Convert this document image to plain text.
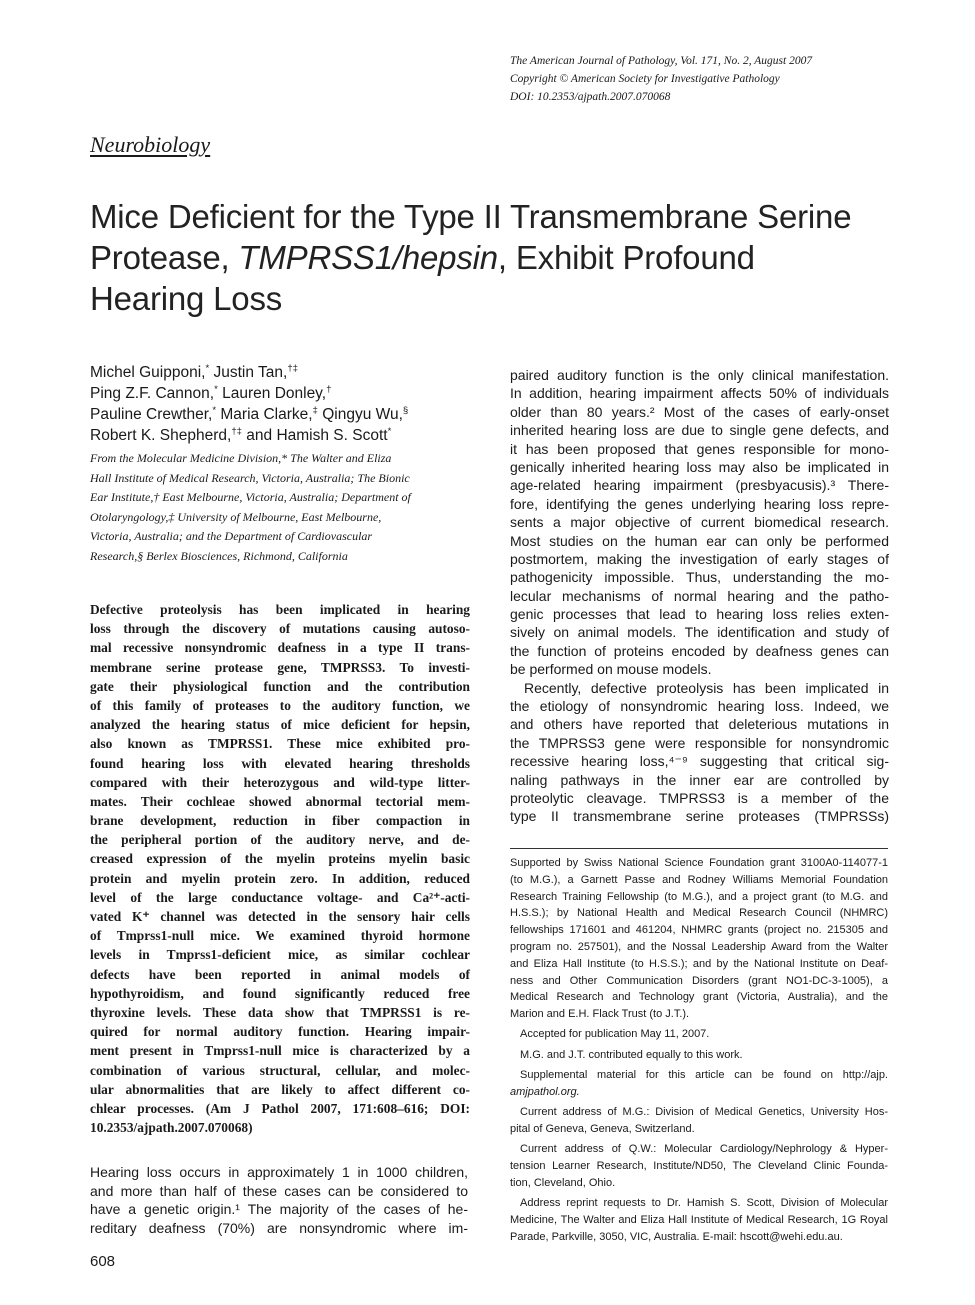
The American Journal of Pathology, Vol. 171, No. 2, August 2007
Copyright © American Society for Investigative Pathology
DOI: 10.2353/ajpath.2007.070068
Neurobiology
Mice Deficient for the Type II Transmembrane Serine
Protease, TMPRSS1/hepsin, Exhibit Profound
Hearing Loss
Michel Guipponi,* Justin Tan,†‡
Ping Z.F. Cannon,* Lauren Donley,†
Pauline Crewther,* Maria Clarke,‡ Qingyu Wu,§
Robert K. Shepherd,†‡ and Hamish S. Scott*
From the Molecular Medicine Division,* The Walter and Eliza
Hall Institute of Medical Research, Victoria, Australia; The Bionic
Ear Institute,† East Melbourne, Victoria, Australia; Department of
Otolaryngology,‡ University of Melbourne, East Melbourne,
Victoria, Australia; and the Department of Cardiovascular
Research,§ Berlex Biosciences, Richmond, California
Defective proteolysis has been implicated in hearing
loss through the discovery of mutations causing autoso-
mal recessive nonsyndromic deafness in a type II trans-
membrane serine protease gene, TMPRSS3. To investi-
gate their physiological function and the contribution
of this family of proteases to the auditory function, we
analyzed the hearing status of mice deficient for hepsin,
also known as TMPRSS1. These mice exhibited pro-
found hearing loss with elevated hearing thresholds
compared with their heterozygous and wild-type litter-
mates. Their cochleae showed abnormal tectorial mem-
brane development, reduction in fiber compaction in
the peripheral portion of the auditory nerve, and de-
creased expression of the myelin proteins myelin basic
protein and myelin protein zero. In addition, reduced
level of the large conductance voltage- and Ca²⁺-acti-
vated K⁺ channel was detected in the sensory hair cells
of Tmprss1-null mice. We examined thyroid hormone
levels in Tmprss1-deficient mice, as similar cochlear
defects have been reported in animal models of
hypothyroidism, and found significantly reduced free
thyroxine levels. These data show that TMPRSS1 is re-
quired for normal auditory function. Hearing impair-
ment present in Tmprss1-null mice is characterized by a
combination of various structural, cellular, and molec-
ular abnormalities that are likely to affect different co-
chlear processes. (Am J Pathol 2007, 171:608–616; DOI:
10.2353/ajpath.2007.070068)
Hearing loss occurs in approximately 1 in 1000 children,
and more than half of these cases can be considered to
have a genetic origin.¹ The majority of the cases of he-
reditary deafness (70%) are nonsyndromic where im-
paired auditory function is the only clinical manifestation.
In addition, hearing impairment affects 50% of individuals
older than 80 years.² Most of the cases of early-onset
inherited hearing loss are due to single gene defects, and
it has been proposed that genes responsible for mono-
genically inherited hearing loss may also be implicated in
age-related hearing impairment (presbyacusis).³ There-
fore, identifying the genes underlying hearing loss repre-
sents a major objective of current biomedical research.
Most studies on the human ear can only be performed
postmortem, making the investigation of early stages of
pathogenicity impossible. Thus, understanding the mo-
lecular mechanisms of normal hearing and the patho-
genic processes that lead to hearing loss relies exten-
sively on animal models. The identification and study of
the function of proteins encoded by deafness genes can
be performed on mouse models.
Recently, defective proteolysis has been implicated in
the etiology of nonsyndromic hearing loss. Indeed, we
and others have reported that deleterious mutations in
the TMPRSS3 gene were responsible for nonsyndromic
recessive hearing loss,⁴⁻⁹ suggesting that critical sig-
naling pathways in the inner ear are controlled by
proteolytic cleavage. TMPRSS3 is a member of the
type II transmembrane serine proteases (TMPRSSs)
Supported by Swiss National Science Foundation grant 3100A0-114077-1
(to M.G.), a Garnett Passe and Rodney Williams Memorial Foundation
Research Training Fellowship (to M.G.), and a project grant (to M.G. and
H.S.S.); by National Health and Medical Research Council (NHMRC)
fellowships 171601 and 461204, NHMRC grants (project no. 215305 and
program no. 257501), and the Nossal Leadership Award from the Walter
and Eliza Hall Institute (to H.S.S.); and by the National Institute on Deaf-
ness and Other Communication Disorders (grant NO1-DC-3-1005), a
Medical Research and Technology grant (Victoria, Australia), and the
Marion and E.H. Flack Trust (to J.T.).
Accepted for publication May 11, 2007.
M.G. and J.T. contributed equally to this work.
Supplemental material for this article can be found on http://ajp.
amjpathol.org.
Current address of M.G.: Division of Medical Genetics, University Hos-
pital of Geneva, Geneva, Switzerland.
Current address of Q.W.: Molecular Cardiology/Nephrology & Hyper-
tension Learner Research, Institute/ND50, The Cleveland Clinic Founda-
tion, Cleveland, Ohio.
Address reprint requests to Dr. Hamish S. Scott, Division of Molecular
Medicine, The Walter and Eliza Hall Institute of Medical Research, 1G Royal
Parade, Parkville, 3050, VIC, Australia. E-mail: hscott@wehi.edu.au.
608
